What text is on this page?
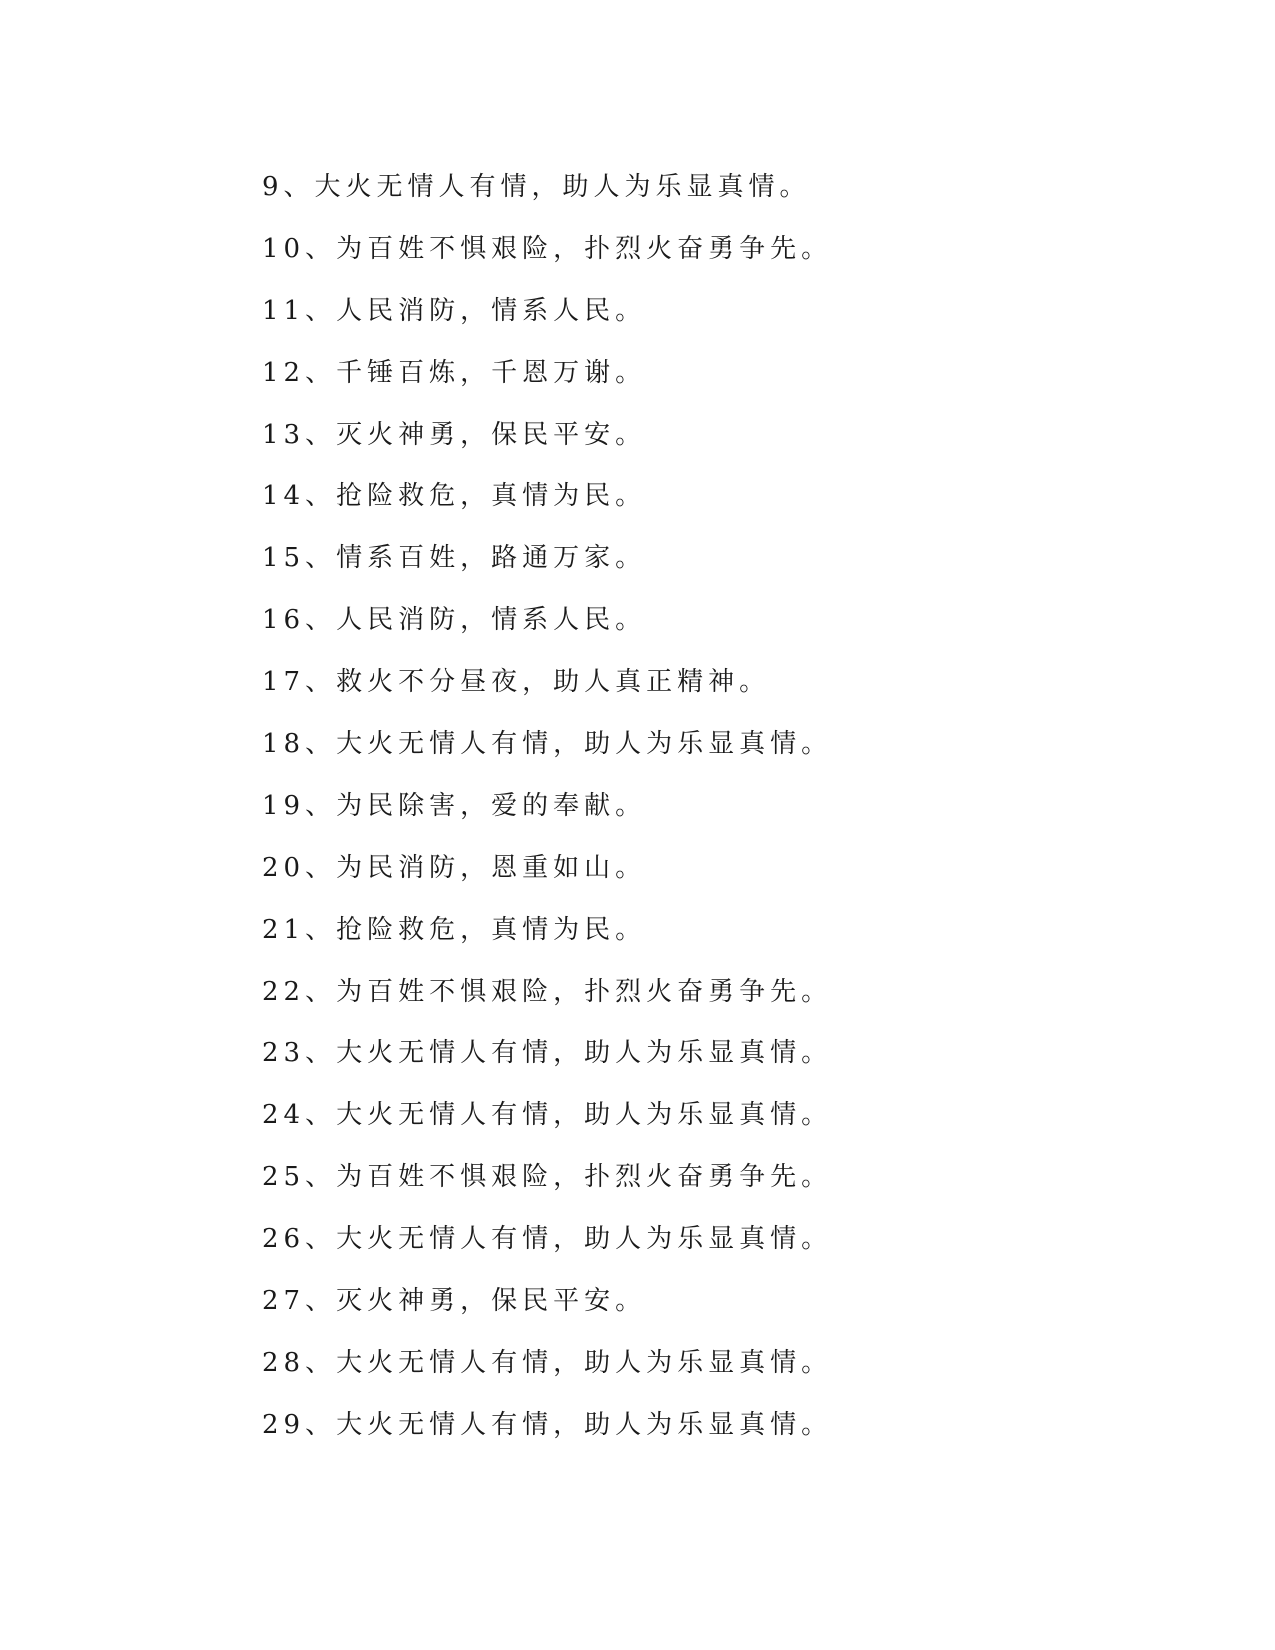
9、大火无情人有情，助人为乐显真情。
10、为百姓不惧艰险，扑烈火奋勇争先。
11、人民消防，情系人民。
12、千锤百炼，千恩万谢。
13、灭火神勇，保民平安。
14、抢险救危，真情为民。
15、情系百姓，路通万家。
16、人民消防，情系人民。
17、救火不分昼夜，助人真正精神。
18、大火无情人有情，助人为乐显真情。
19、为民除害，爱的奉献。
20、为民消防，恩重如山。
21、抢险救危，真情为民。
22、为百姓不惧艰险，扑烈火奋勇争先。
23、大火无情人有情，助人为乐显真情。
24、大火无情人有情，助人为乐显真情。
25、为百姓不惧艰险，扑烈火奋勇争先。
26、大火无情人有情，助人为乐显真情。
27、灭火神勇，保民平安。
28、大火无情人有情，助人为乐显真情。
29、大火无情人有情，助人为乐显真情。
